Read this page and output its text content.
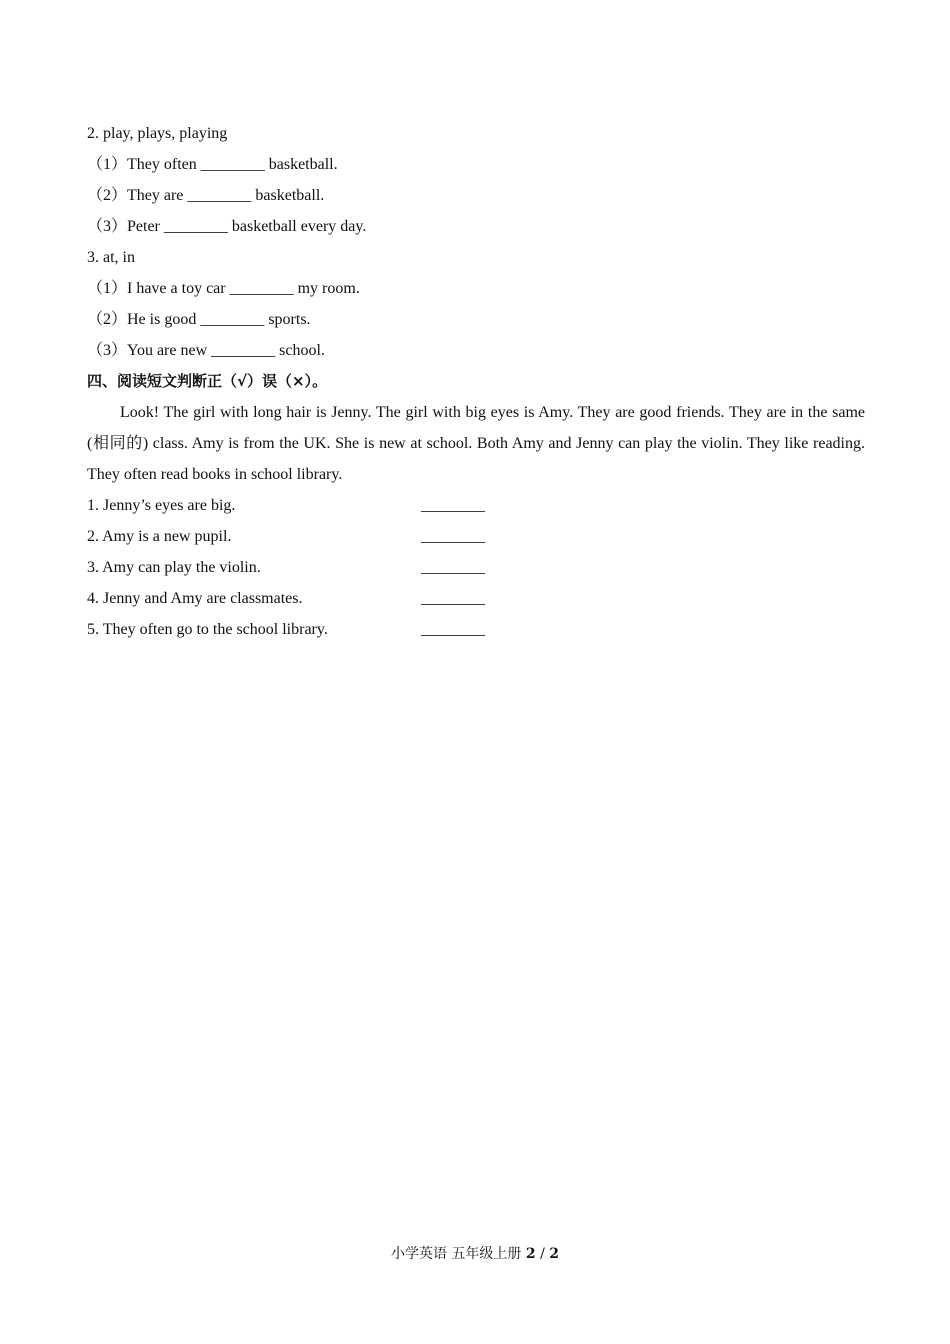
2. play, plays, playing
（1）They often ________ basketball.
（2）They are ________ basketball.
（3）Peter ________ basketball every day.
3. at, in
（1）I have a toy car ________ my room.
（2）He is good ________ sports.
（3）You are new ________ school.
四、阅读短文判断正（√）误（×）。

Look! The girl with long hair is Jenny. The girl with big eyes is Amy. They are good friends. They are in the same (相同的) class. Amy is from the UK. She is new at school. Both Amy and Jenny can play the violin. They like reading. They often read books in school library.

1. Jenny’s eyes are big.	________
2. Amy is a new pupil.	________
3. Amy can play the violin.	________
4. Jenny and Amy are classmates.	________
5. They often go to the school library.	________
小学英语 五年级上册 2 / 2
